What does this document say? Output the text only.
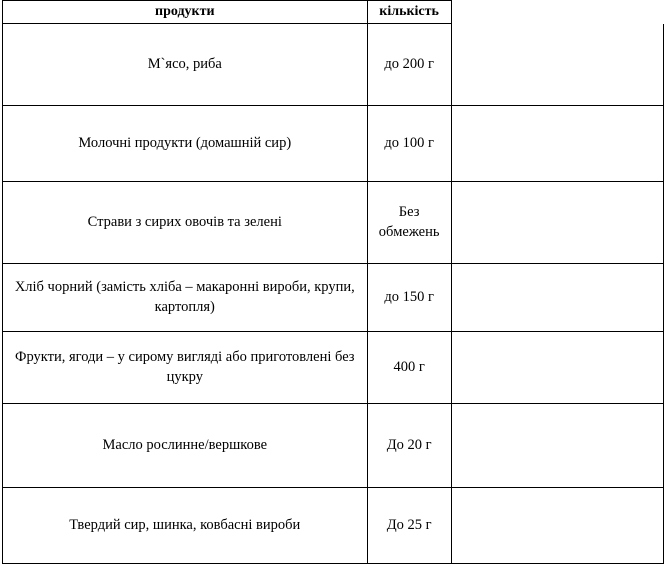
продукти	кількість	
М`ясо, риба	до 200 г	

Молочні продукти (домашній сир)	до 100 г	

Страви з сирих овочів та зелені	Без обмежень	

Хліб чорний (замість хліба – макаронні вироби, крупи, картопля)	до 150 г	

Фрукти, ягоди – у сирому вигляді або приготовлені без цукру	400 г	

Масло рослинне/вершкове	До 20 г	

Твердий сир, шинка, ковбасні вироби	До 25 г	
